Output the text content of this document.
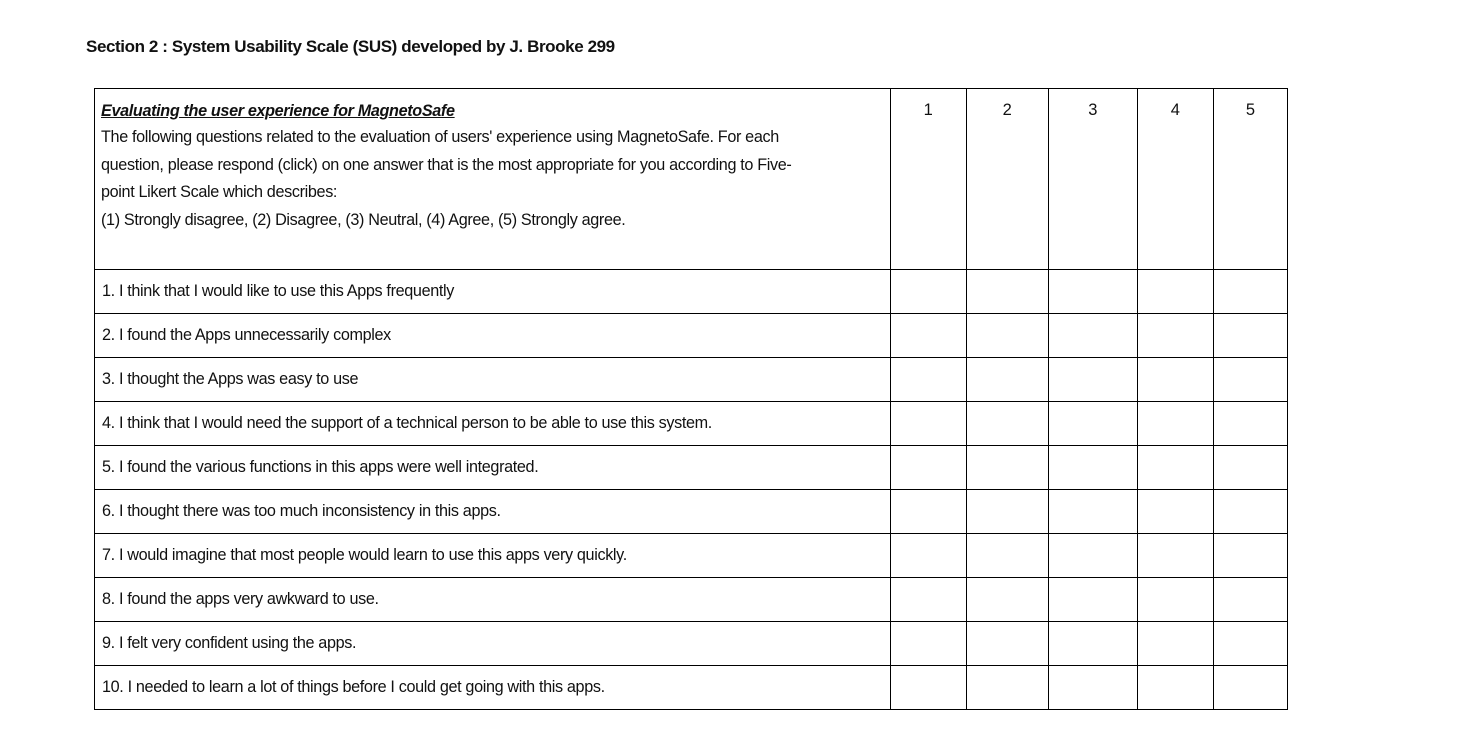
Section 2 : System Usability Scale (SUS) developed by J. Brooke 299
Evaluating the user experience for MagnetoSafe
The following questions related to the evaluation of users' experience using MagnetoSafe. For each
question, please respond (click) on one answer that is the most appropriate for you according to Five-
point Likert Scale which describes:
(1) Strongly disagree, (2) Disagree, (3) Neutral, (4) Agree, (5) Strongly agree.	1	2	3	4	5
1. I think that I would like to use this Apps frequently					
2. I found the Apps unnecessarily complex					
3. I thought the Apps was easy to use					
4. I think that I would need the support of a technical person to be able to use this system.					
5. I found the various functions in this apps were well integrated.					
6. I thought there was too much inconsistency in this apps.					
7. I would imagine that most people would learn to use this apps very quickly.					
8. I found the apps very awkward to use.					
9. I felt very confident using the apps.					
10. I needed to learn a lot of things before I could get going with this apps.					
